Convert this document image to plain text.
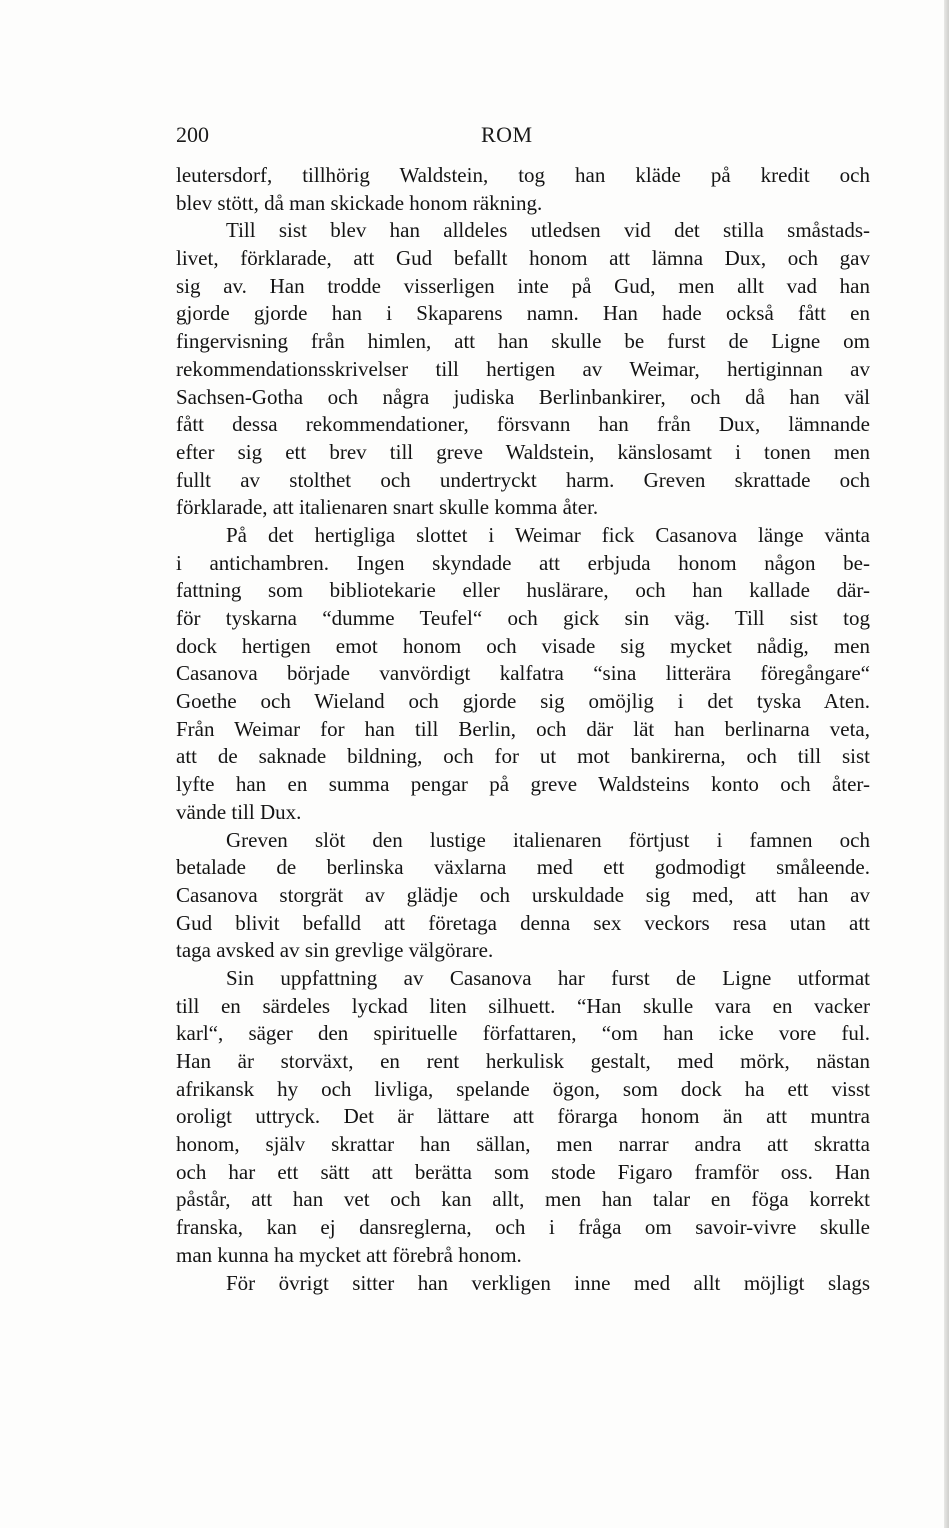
200	ROM
leutersdorf, tillhörig Waldstein, tog han kläde på kredit och
blev stött, då man skickade honom räkning.
Till sist blev han alldeles utledsen vid det stilla småstads-
livet, förklarade, att Gud befallt honom att lämna Dux, och gav
sig av. Han trodde visserligen inte på Gud, men allt vad han
gjorde gjorde han i Skaparens namn. Han hade också fått en
fingervisning från himlen, att han skulle be furst de Ligne om
rekommendationsskrivelser till hertigen av Weimar, hertiginnan av
Sachsen-Gotha och några judiska Berlinbankirer, och då han väl
fått dessa rekommendationer, försvann han från Dux, lämnande
efter sig ett brev till greve Waldstein, känslosamt i tonen men
fullt av stolthet och undertryckt harm. Greven skrattade och
förklarade, att italienaren snart skulle komma åter.
På det hertigliga slottet i Weimar fick Casanova länge vänta
i antichambren. Ingen skyndade att erbjuda honom någon be-
fattning som bibliotekarie eller huslärare, och han kallade där-
för tyskarna “dumme Teufel“ och gick sin väg. Till sist tog
dock hertigen emot honom och visade sig mycket nådig, men
Casanova började vanvördigt kalfatra “sina litterära föregångare“
Goethe och Wieland och gjorde sig omöjlig i det tyska Aten.
Från Weimar for han till Berlin, och där lät han berlinarna veta,
att de saknade bildning, och for ut mot bankirerna, och till sist
lyfte han en summa pengar på greve Waldsteins konto och åter-
vände till Dux.
Greven slöt den lustige italienaren förtjust i famnen och
betalade de berlinska växlarna med ett godmodigt småleende.
Casanova storgrät av glädje och urskuldade sig med, att han av
Gud blivit befalld att företaga denna sex veckors resa utan att
taga avsked av sin grevlige välgörare.
Sin uppfattning av Casanova har furst de Ligne utformat
till en särdeles lyckad liten silhuett. “Han skulle vara en vacker
karl“, säger den spirituelle författaren, “om han icke vore ful.
Han är storväxt, en rent herkulisk gestalt, med mörk, nästan
afrikansk hy och livliga, spelande ögon, som dock ha ett visst
oroligt uttryck. Det är lättare att förarga honom än att muntra
honom, själv skrattar han sällan, men narrar andra att skratta
och har ett sätt att berätta som stode Figaro framför oss. Han
påstår, att han vet och kan allt, men han talar en föga korrekt
franska, kan ej dansreglerna, och i fråga om savoir-vivre skulle
man kunna ha mycket att förebrå honom.
För övrigt sitter han verkligen inne med allt möjligt slags
